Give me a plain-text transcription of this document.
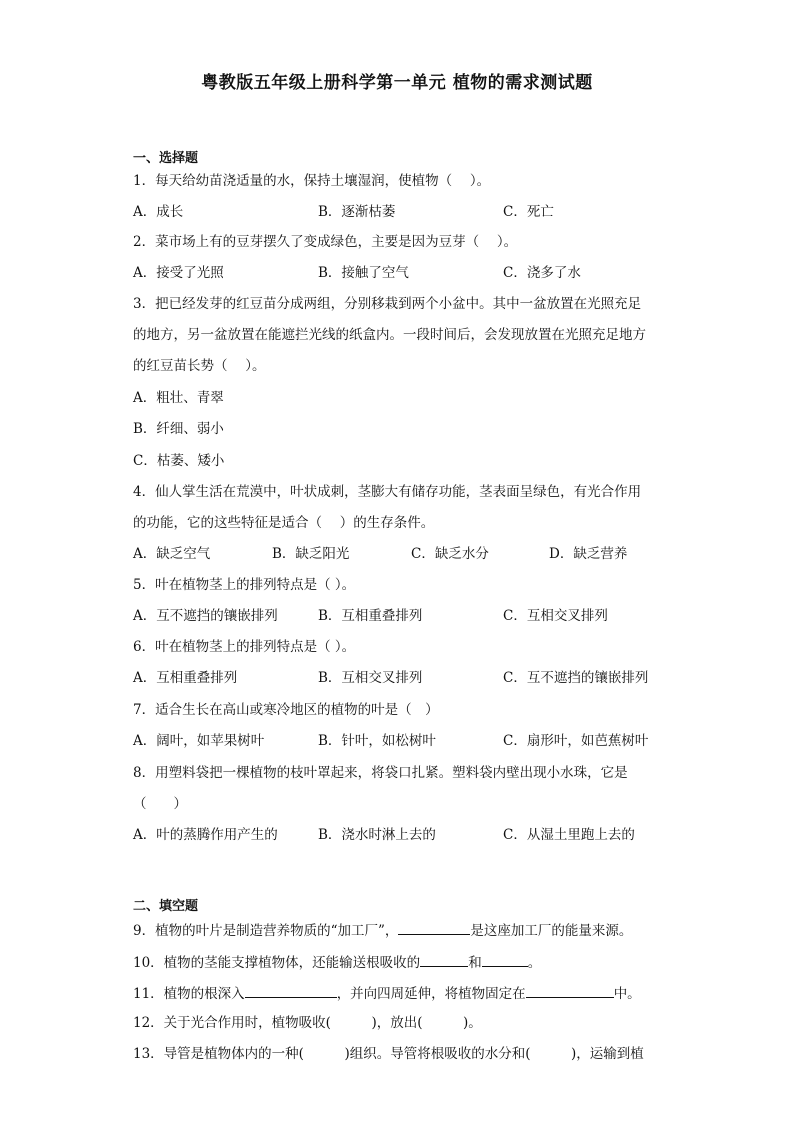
粤教版五年级上册科学第一单元 植物的需求测试题
一、选择题
1．每天给幼苗浇适量的水，保持土壤湿润，使植物（　 ）。
A．成长	B．逐渐枯萎	C．死亡
2．菜市场上有的豆芽摆久了变成绿色，主要是因为豆芽（　 ）。
A．接受了光照	B．接触了空气	C．浇多了水
3．把已经发芽的红豆苗分成两组，分别移栽到两个小盆中。其中一盆放置在光照充足
的地方，另一盆放置在能遮拦光线的纸盒内。一段时间后，会发现放置在光照充足地方
的红豆苗长势（　 ）。
A．粗壮、青翠
B．纤细、弱小
C．枯萎、矮小
4．仙人掌生活在荒漠中，叶状成刺，茎膨大有储存功能，茎表面呈绿色，有光合作用
的功能，它的这些特征是适合（　 ）的生存条件。
A．缺乏空气	B．缺乏阳光	C．缺乏水分	D．缺乏营养
5．叶在植物茎上的排列特点是（ ）。
A．互不遮挡的镶嵌排列	B．互相重叠排列	C．互相交叉排列
6．叶在植物茎上的排列特点是（ ）。
A．互相重叠排列	B．互相交叉排列	C．互不遮挡的镶嵌排列
7．适合生长在高山或寒冷地区的植物的叶是（　）
A．阔叶，如苹果树叶	B．针叶，如松树叶	C．扇形叶，如芭蕉树叶
8．用塑料袋把一棵植物的枝叶罩起来，将袋口扎紧。塑料袋内壁出现小水珠，它是
（　　）
A．叶的蒸腾作用产生的	B．浇水时淋上去的	C．从湿土里跑上去的
二、填空题
9．植物的叶片是制造营养物质的“加工厂”，	是这座加工厂的能量来源。
10．植物的茎能支撑植物体，还能输送根吸收的	和	。
11．植物的根深入	，并向四周延伸，将植物固定在	中。
12．关于光合作用时，植物吸收(　　　)，放出(　　　)。
13．导管是植物体内的一种(　　　)组织。导管将根吸收的水分和(　　　)，运输到植
